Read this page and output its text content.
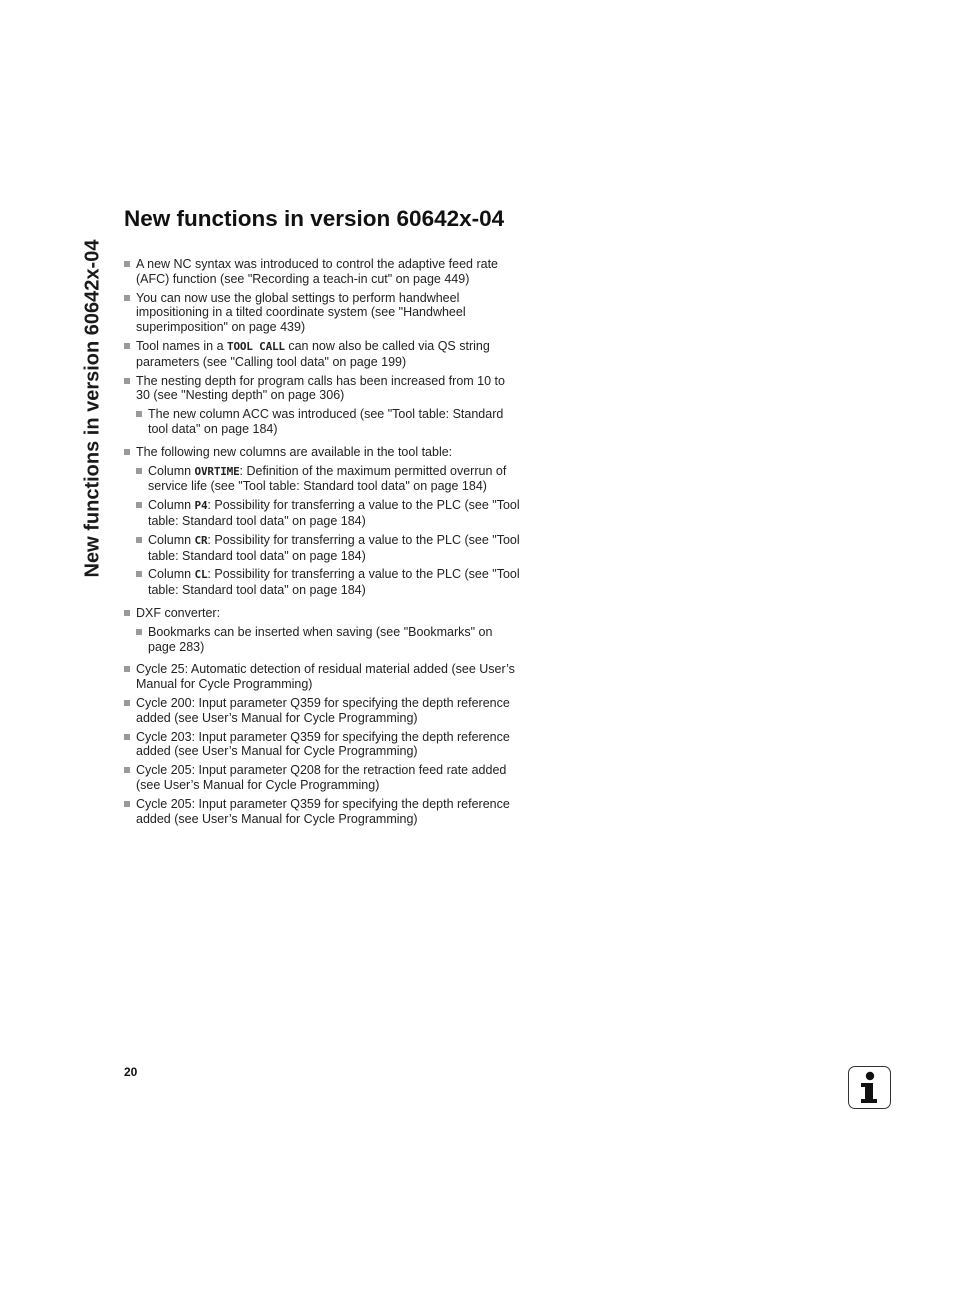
New functions in version 60642x-04
New functions in version 60642x-04
A new NC syntax was introduced to control the adaptive feed rate (AFC) function (see "Recording a teach-in cut" on page 449)
You can now use the global settings to perform handwheel impositioning in a tilted coordinate system (see "Handwheel superimposition" on page 439)
Tool names in a TOOL CALL can now also be called via QS string parameters (see "Calling tool data" on page 199)
The nesting depth for program calls has been increased from 10 to 30 (see "Nesting depth" on page 306)
The new column ACC was introduced (see "Tool table: Standard tool data" on page 184)
The following new columns are available in the tool table:
Column OVRTIME: Definition of the maximum permitted overrun of service life (see "Tool table: Standard tool data" on page 184)
Column P4: Possibility for transferring a value to the PLC (see "Tool table: Standard tool data" on page 184)
Column CR: Possibility for transferring a value to the PLC (see "Tool table: Standard tool data" on page 184)
Column CL: Possibility for transferring a value to the PLC (see "Tool table: Standard tool data" on page 184)
DXF converter:
Bookmarks can be inserted when saving (see "Bookmarks" on page 283)
Cycle 25: Automatic detection of residual material added (see User’s Manual for Cycle Programming)
Cycle 200: Input parameter Q359 for specifying the depth reference added (see User’s Manual for Cycle Programming)
Cycle 203: Input parameter Q359 for specifying the depth reference added (see User’s Manual for Cycle Programming)
Cycle 205: Input parameter Q208 for the retraction feed rate added (see User’s Manual for Cycle Programming)
Cycle 205: Input parameter Q359 for specifying the depth reference added (see User’s Manual for Cycle Programming)
20
